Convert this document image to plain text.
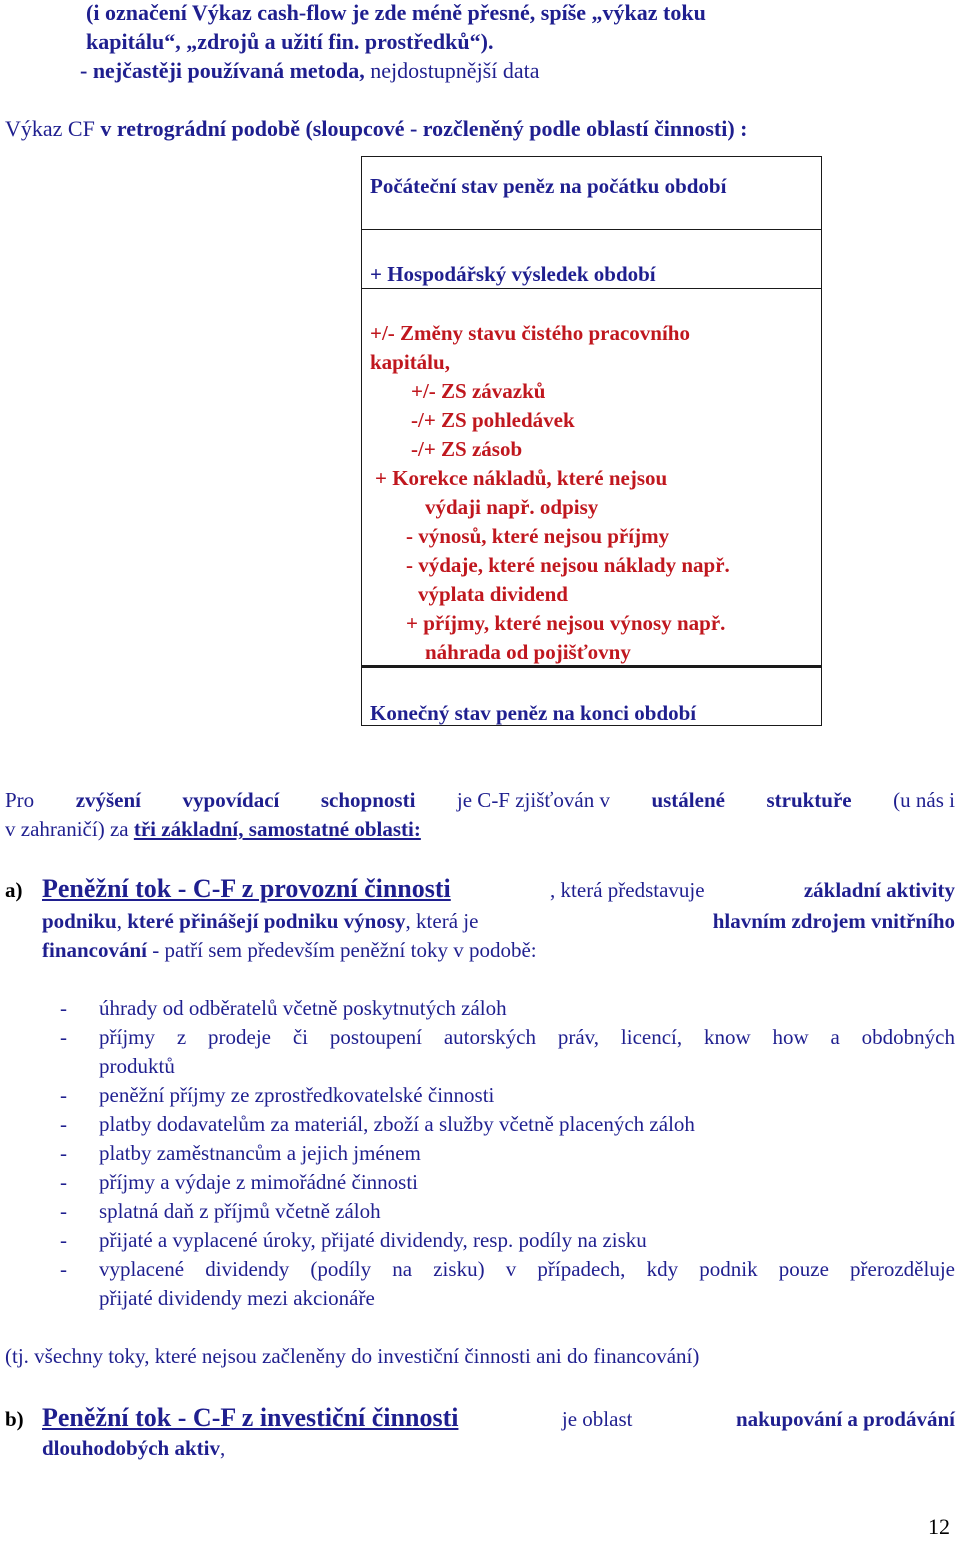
(i označení Výkaz cash-flow je zde méně přesné, spíše „výkaz toku
kapitálu“, „zdrojů a užití fin. prostředků“).
- nejčastěji používaná metoda, nejdostupnější data
Výkaz CF v retrográdní podobě (sloupcové - rozčleněný podle oblastí činnosti) :
Počáteční stav peněz na počátku období
+ Hospodářský výsledek období
+/- Změny stavu čistého pracovního
kapitálu,
+/- ZS závazků
-/+ ZS pohledávek
-/+ ZS zásob
+ Korekce nákladů, které nejsou
výdaji např. odpisy
- výnosů, které nejsou příjmy
- výdaje, které nejsou náklady např.
výplata dividend
+ příjmy, které nejsou výnosy např.
náhrada od pojišťovny
Konečný stav peněz na konci období
Pro zvýšení vypovídací schopnosti je C-F zjišťován v ustálené struktuře (u nás i
v zahraničí) za tři základní, samostatné oblasti:
a) Peněžní tok - C-F z provozní činnosti	, která představuje	základní aktivity
podniku, které přinášejí podniku výnosy, která je	hlavním zdrojem vnitřního
financování - patří sem především peněžní toky v podobě:
- úhrady od odběratelů včetně poskytnutých záloh
- příjmy z prodeje či postoupení autorských práv, licencí, know how a obdobných
produktů
- peněžní příjmy ze zprostředkovatelské činnosti
- platby dodavatelům za materiál, zboží a služby včetně placených záloh
- platby zaměstnancům a jejich jménem
- příjmy a výdaje z mimořádné činnosti
- splatná daň z příjmů včetně záloh
- přijaté a vyplacené úroky, přijaté dividendy, resp. podíly na zisku
- vyplacené dividendy (podíly na zisku) v případech, kdy podnik pouze přerozděluje
přijaté dividendy mezi akcionáře
(tj. všechny toky, které nejsou začleněny do investiční činnosti ani do financování)
b) Peněžní tok - C-F z investiční činnosti	je oblast	nakupování a prodávání
dlouhodobých aktiv,
12
